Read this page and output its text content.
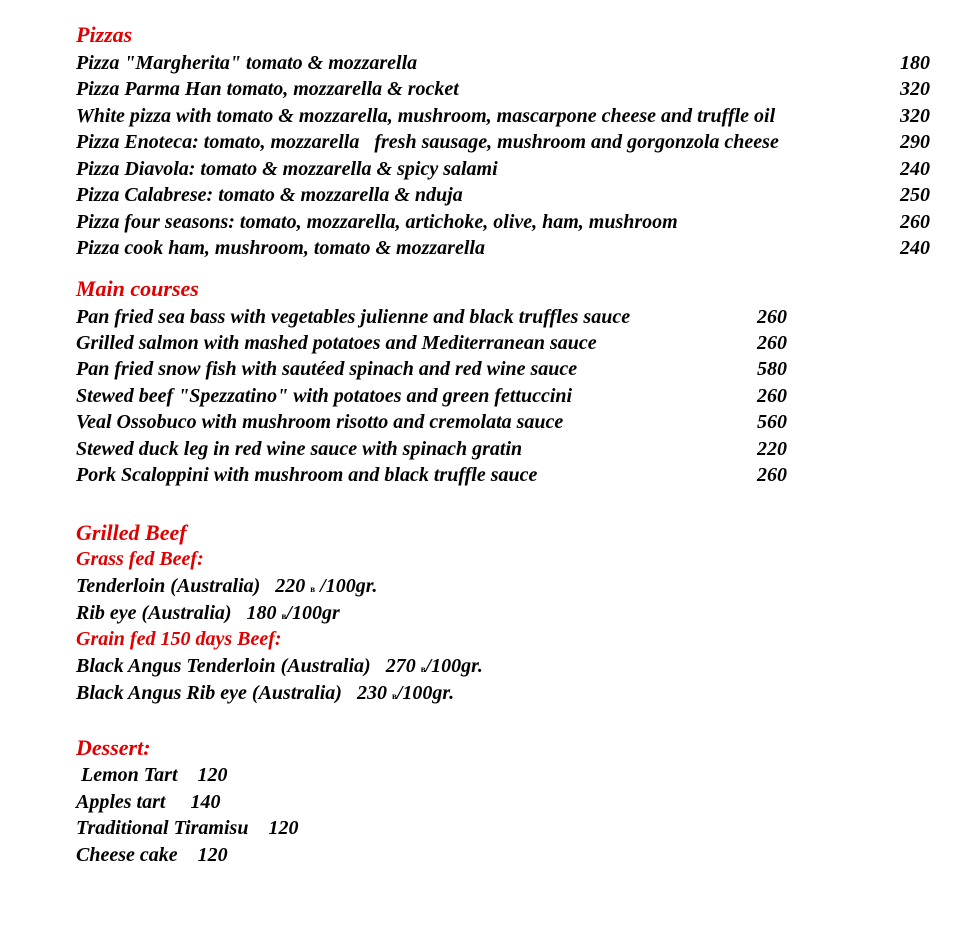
Pizzas
Pizza "Margherita" tomato & mozzarella	180
Pizza Parma Han tomato, mozzarella & rocket	320
White pizza with tomato & mozzarella, mushroom, mascarpone cheese and truffle oil	320
Pizza Enoteca: tomato, mozzarella   fresh sausage, mushroom and gorgonzola cheese	290
Pizza Diavola: tomato & mozzarella & spicy salami	240
Pizza Calabrese: tomato & mozzarella & nduja	250
Pizza four seasons: tomato, mozzarella, artichoke, olive, ham, mushroom	260
Pizza cook ham, mushroom, tomato & mozzarella	240
Main courses
Pan fried sea bass with vegetables julienne and black truffles sauce	260
Grilled salmon with mashed potatoes and Mediterranean sauce	260
Pan fried snow fish with sautéed spinach and red wine sauce	580
Stewed beef "Spezzatino" with potatoes and green fettuccini	260
Veal Ossobuco with mushroom risotto and cremolata sauce	560
Stewed duck leg in red wine sauce with spinach gratin	220
Pork Scaloppini with mushroom and black truffle sauce	260
Grilled Beef
Grass fed Beef:
Tenderloin (Australia)   220 в /100gr.
Rib eye (Australia)   180 в/100gr
Grain fed 150 days Beef:
Black Angus Tenderloin (Australia)   270 в/100gr.
Black Angus Rib eye (Australia)   230 в/100gr.
Dessert:
Lemon Tart    120
Apples tart     140
Traditional Tiramisu    120
Cheese cake    120
